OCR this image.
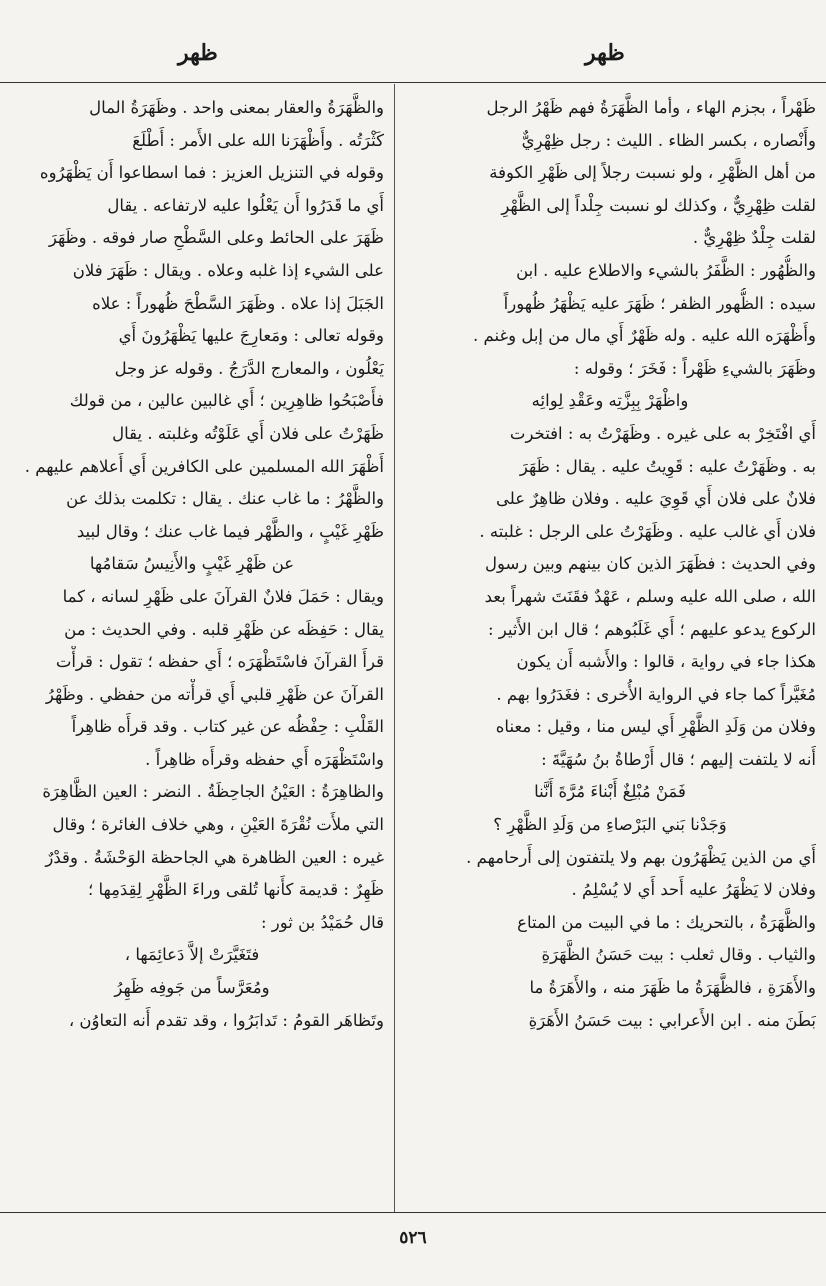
ظهر
ظهر
ظَهْراً ، بجزم الهاء ، وأما الظَّهَرَةُ فهم ظَهْرُ الرجل
وأَنْصاره ، بكسر الظاء . الليث : رجل ظِهْرِيٌّ
من أهل الظَّهْرِ ، ولو نسبت رجلاً إلى ظَهْرِ الكوفة
لقلت ظِهْرِيٌّ ، وكذلك لو نسبت جِلْداً إلى الظَّهْرِ
لقلت جِلْدٌ ظِهْرِيٌّ .
والظُّهُور : الظَّفَرُ بالشيء والاطلاع عليه . ابن
سيده : الظُّهور الظفر ؛ ظَهَرَ عليه يَظْهَرُ ظُهوراً
وأَظْهَرَه الله عليه . وله ظَهْرٌ أَي مال من إبل وغنم .
وظَهَرَ بالشيءِ ظَهْراً : فَخَرَ ؛ وقوله :
واظْهَرْ بِبِزَّتِه وعَقْدِ لِوائِه
أَي افْتَخِرْ به على غيره . وظَهَرْتُ به : افتخرت
به . وظَهَرْتُ عليه : قَوِيتُ عليه . يقال : ظَهَرَ
فلانٌ على فلان أَي قَوِيَ عليه . وفلان ظاهِرٌ على
فلان أَي غالب عليه . وظَهَرْتُ على الرجل : غلبته .
وفي الحديث : فظَهَرَ الذين كان بينهم وبين رسول
الله ، صلى الله عليه وسلم ، عَهْدٌ فقَنَتَ شهراً بعد
الركوع يدعو عليهم ؛ أَي غَلَبُوهم ؛ قال ابن الأَثير :
هكذا جاء في رواية ، قالوا : والأَشبه أَن يكون
مُغَيَّراً كما جاء في الرواية الأُخرى : فغَدَرُوا بهم .
وفلان من وَلَدِ الظَّهْرِ أَي ليس منا ، وقيل : معناه
أَنه لا يلتفت إليهم ؛ قال أَرْطاةُ بنُ سُهَيَّةَ :
فَمَنْ مُبْلِغٌ أَبْناءَ مُرَّةَ أَنَّنا
وَجَدْنا بَني البَرْصاءِ من وَلَدِ الظَّهْرِ ؟
أَي من الذين يَظْهَرُون بهم ولا يلتفتون إلى أَرحامهم .
وفلان لا يَظْهَرُ عليه أَحد أَي لا يُسْلِمُ .
والظَّهَرَةُ ، بالتحريك : ما في البيت من المتاع
والثياب . وقال ثعلب : بيت حَسَنُ الظَّهَرَةِ
والأَهَرَةِ ، فالظَّهَرَةُ ما ظَهَرَ منه ، والأَهَرَةُ ما
بَطَنَ منه . ابن الأَعرابي : بيت حَسَنُ الأَهَرَةِ
والظَّهَرَةُ والعقار بمعنى واحد . وظَهَرَةُ المال
كَثْرَتُه . وأَظْهَرَنا الله على الأَمر : أَطْلَعَ
وقوله في التنزيل العزيز : فما اسطاعوا أَن يَظْهَرُوه
أَي ما قَدَرُوا أَن يَعْلُوا عليه لارتفاعه . يقال
ظَهَرَ على الحائط وعلى السَّطْحِ صار فوقه . وظَهَرَ
على الشيء إذا غلبه وعلاه . ويقال : ظَهَرَ فلان
الجَبَلَ إذا علاه . وظَهَرَ السَّطْحَ ظُهوراً : علاه
وقوله تعالى : ومَعارِجَ عليها يَظْهَرُونَ أَي
يَعْلُون ، والمعارج الدَّرَجُ . وقوله عز وجل
فأَصْبَحُوا ظاهِرِين ؛ أَي غالبين عالين ، من قولك
ظَهَرْتُ على فلان أَي عَلَوْتُه وغلبته . يقال
أَظْهَرَ الله المسلمين على الكافرين أَي أَعلاهم عليهم .
والظَّهْرُ : ما غاب عنك . يقال : تكلمت بذلك عن
ظَهْرِ غَيْبٍ ، والظَّهْر فيما غاب عنك ؛ وقال لبيد
عن ظَهْرِ غَيْبٍ والأَنِيسُ سَقامُها
ويقال : حَمَلَ فلانٌ القرآنَ على ظَهْرِ لسانه ، كما
يقال : حَفِظَه عن ظَهْرِ قلبه . وفي الحديث : من
قرأَ القرآنَ فاسْتَظْهَرَه ؛ أَي حفظه ؛ تقول : قرأْت
القرآنَ عن ظَهْرِ قلبي أَي قرأْته من حفظي . وظَهْرُ
القَلْبِ : حِفْظُه عن غير كتاب . وقد قرأَه ظاهِراً
واسْتَظْهَرَه أَي حفظه وقرأَه ظاهِراً .
والظاهِرَةُ : العَيْنُ الجاحِظَةُ . النضر : العين الظَّاهِرَة
التي ملأَت نُقْرَةَ العَيْنِ ، وهي خلاف الغائرة ؛ وقال
غيره : العين الظاهرة هي الجاحظة الوَحْشَةُ . وقدْرٌ
ظَهِرٌ : قديمة كأَنها تُلقى وراءَ الظَّهْرِ لِقِدَمِها ؛
قال حُمَيْدُ بن ثور :
فتَغَيَّرَتْ إلاَّ دَعائِمَها ،
ومُعَرَّساً من جَوفِه ظَهِرُ
وتَظاهَر القومُ : تَدابَرُوا ، وقد تقدم أَنه التعاوُن ،
٥٢٦
